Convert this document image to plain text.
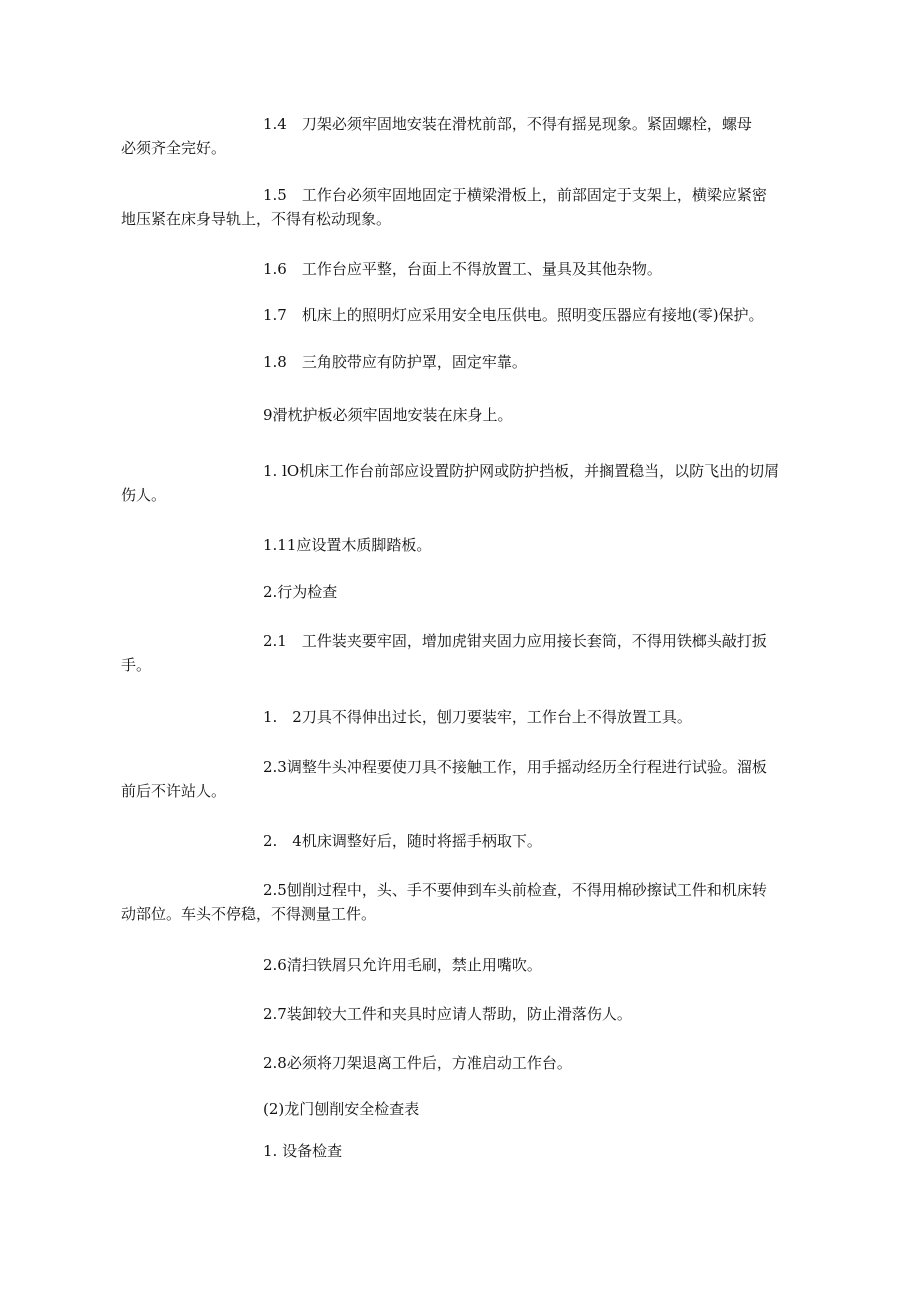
1.4　刀架必须牢固地安装在滑枕前部，不得有摇晃现象。紧固螺栓，螺母
必须齐全完好。
1.5　工作台必须牢固地固定于横梁滑板上，前部固定于支架上，横梁应紧密
地压紧在床身导轨上，不得有松动现象。
1.6　工作台应平整，台面上不得放置工、量具及其他杂物。
1.7　机床上的照明灯应采用安全电压供电。照明变压器应有接地(零)保护。
1.8　三角胶带应有防护罩，固定牢靠。
9滑枕护板必须牢固地安装在床身上。
1. lO机床工作台前部应设置防护网或防护挡板，并搁置稳当，以防飞出的切屑
伤人。
1.11应设置木质脚踏板。
2.行为检查
2.1　工件装夹要牢固，增加虎钳夹固力应用接长套筒，不得用铁榔头敲打扳
手。
1.　2刀具不得伸出过长，刨刀要装牢，工作台上不得放置工具。
2.3调整牛头冲程要使刀具不接触工作，用手摇动经历全行程进行试验。溜板
前后不许站人。
2.　4机床调整好后，随时将摇手柄取下。
2.5刨削过程中，头、手不要伸到车头前检查，不得用棉砂擦试工件和机床转
动部位。车头不停稳，不得测量工件。
2.6清扫铁屑只允许用毛刷，禁止用嘴吹。
2.7装卸较大工件和夹具时应请人帮助，防止滑落伤人。
2.8必须将刀架退离工件后，方准启动工作台。
(2)龙门刨削安全检查表
1. 设备检查
